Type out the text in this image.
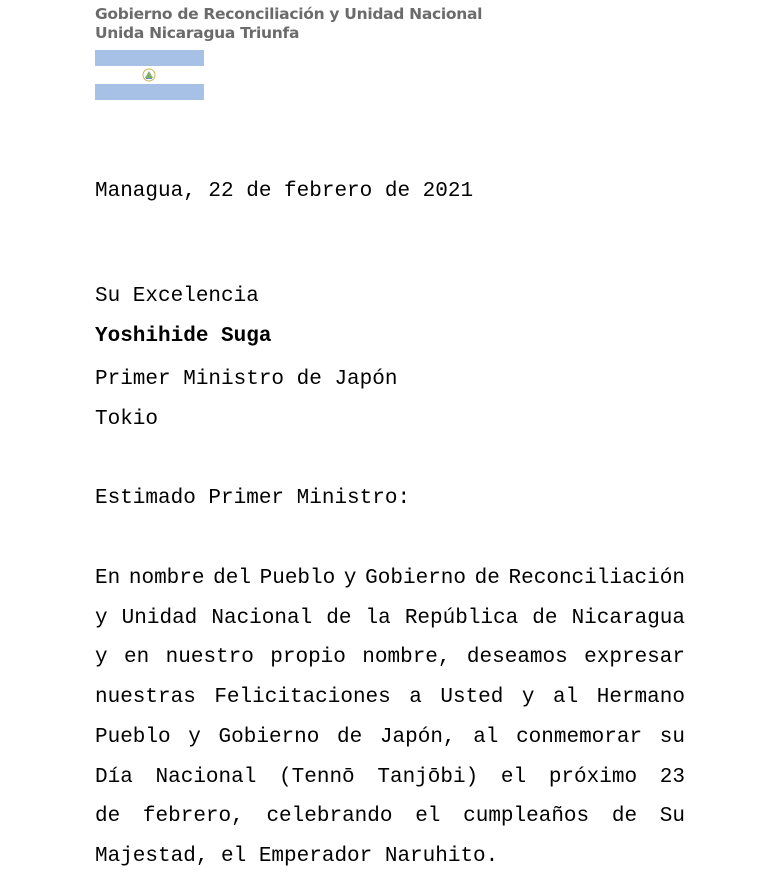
Gobierno de Reconciliación y Unidad Nacional
Unida Nicaragua Triunfa
Managua, 22 de febrero de 2021
Su Excelencia
Yoshihide Suga
Primer Ministro de Japón
Tokio
Estimado Primer Ministro:
En nombre del Pueblo y Gobierno de Reconciliación
y Unidad Nacional de la República de Nicaragua
y en nuestro propio nombre, deseamos expresar
nuestras Felicitaciones a Usted y al Hermano
Pueblo y Gobierno de Japón, al conmemorar su
Día Nacional (Tennō Tanjōbi) el próximo 23
de febrero, celebrando el cumpleaños de Su
Majestad, el Emperador Naruhito.
